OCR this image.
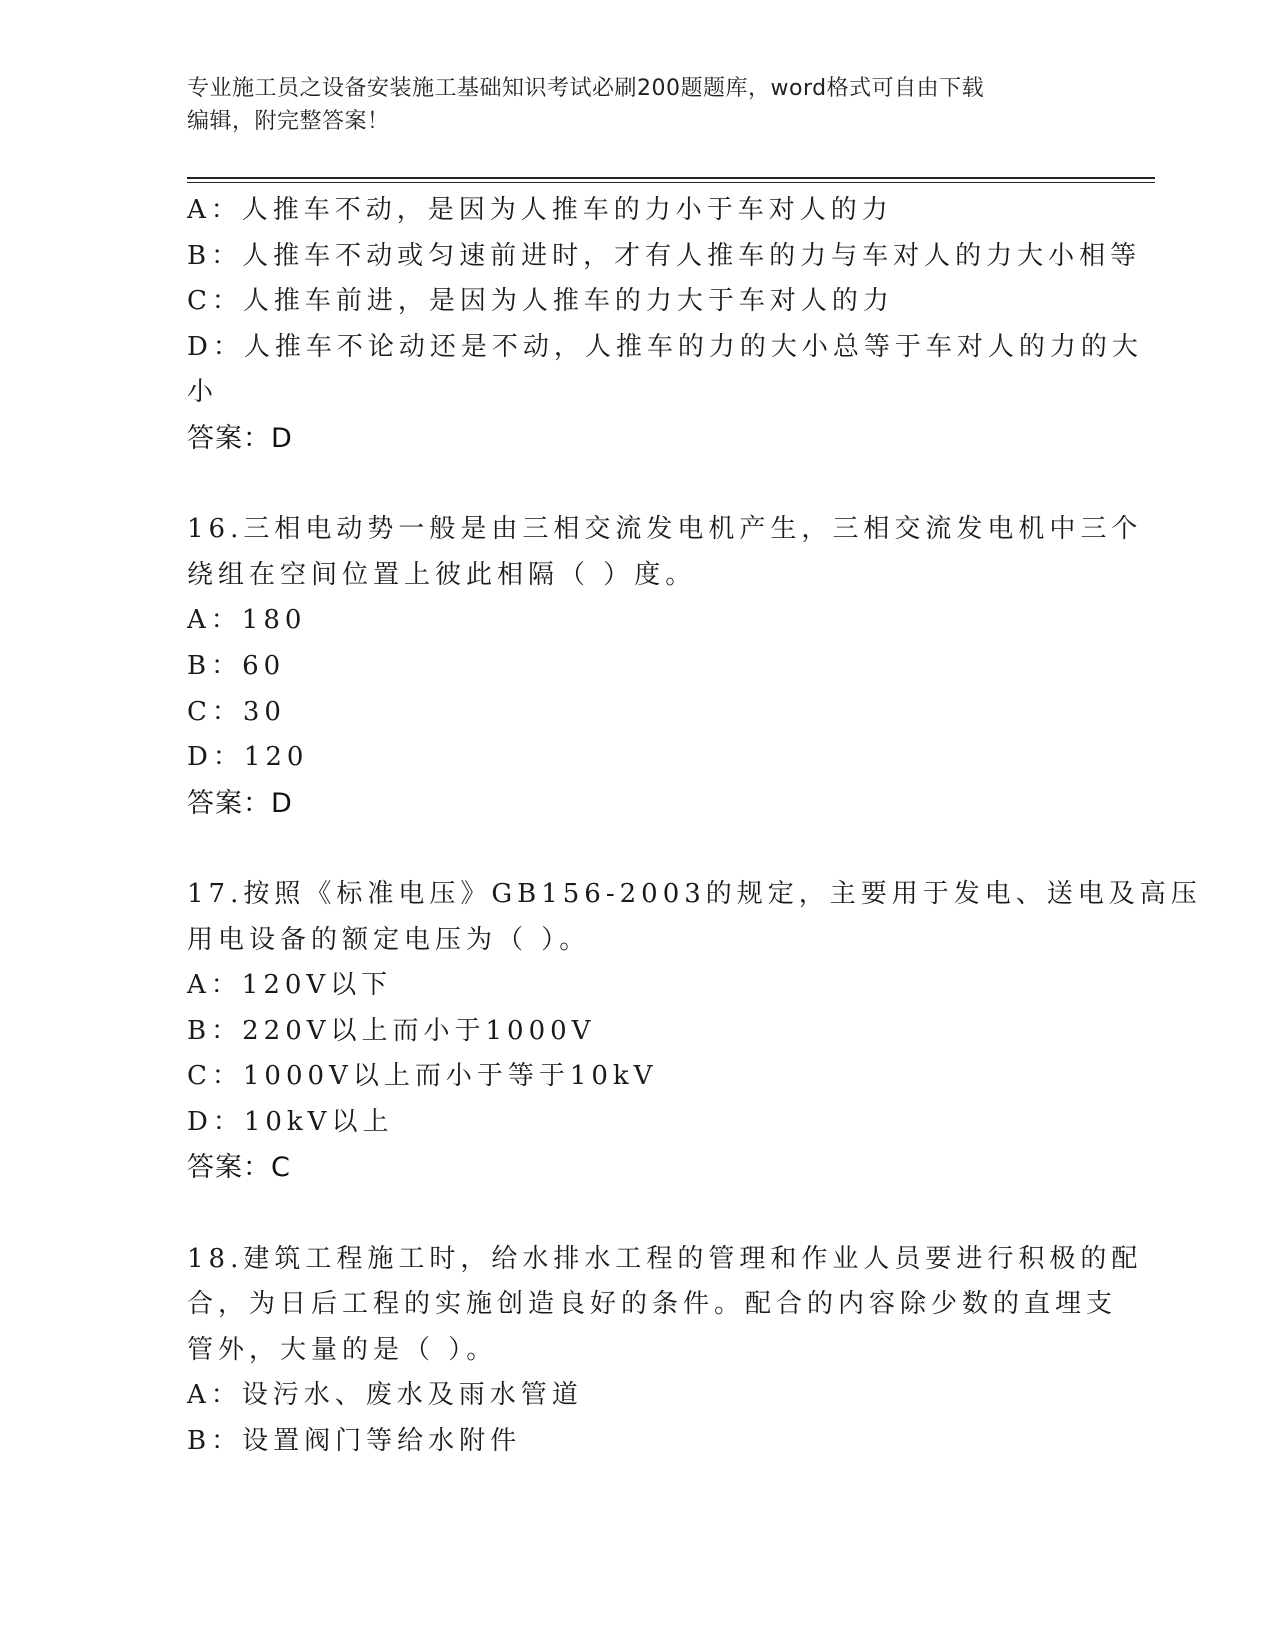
专业施工员之设备安装施工基础知识考试必刷200题题库，word格式可自由下载
编辑，附完整答案！
A：人推车不动，是因为人推车的力小于车对人的力
B：人推车不动或匀速前进时，才有人推车的力与车对人的力大小相等
C：人推车前进，是因为人推车的力大于车对人的力
D：人推车不论动还是不动，人推车的力的大小总等于车对人的力的大
小
答案：D
16.三相电动势一般是由三相交流发电机产生，三相交流发电机中三个
绕组在空间位置上彼此相隔（ ）度。
A：180
B：60
C：30
D：120
答案：D
17.按照《标准电压》GB156-2003的规定，主要用于发电、送电及高压
用电设备的额定电压为（ ）。
A：120V以下
B：220V以上而小于1000V
C：1000V以上而小于等于10kV
D：10kV以上
答案：C
18.建筑工程施工时，给水排水工程的管理和作业人员要进行积极的配
合，为日后工程的实施创造良好的条件。配合的内容除少数的直埋支
管外，大量的是（ ）。
A：设污水、废水及雨水管道
B：设置阀门等给水附件
